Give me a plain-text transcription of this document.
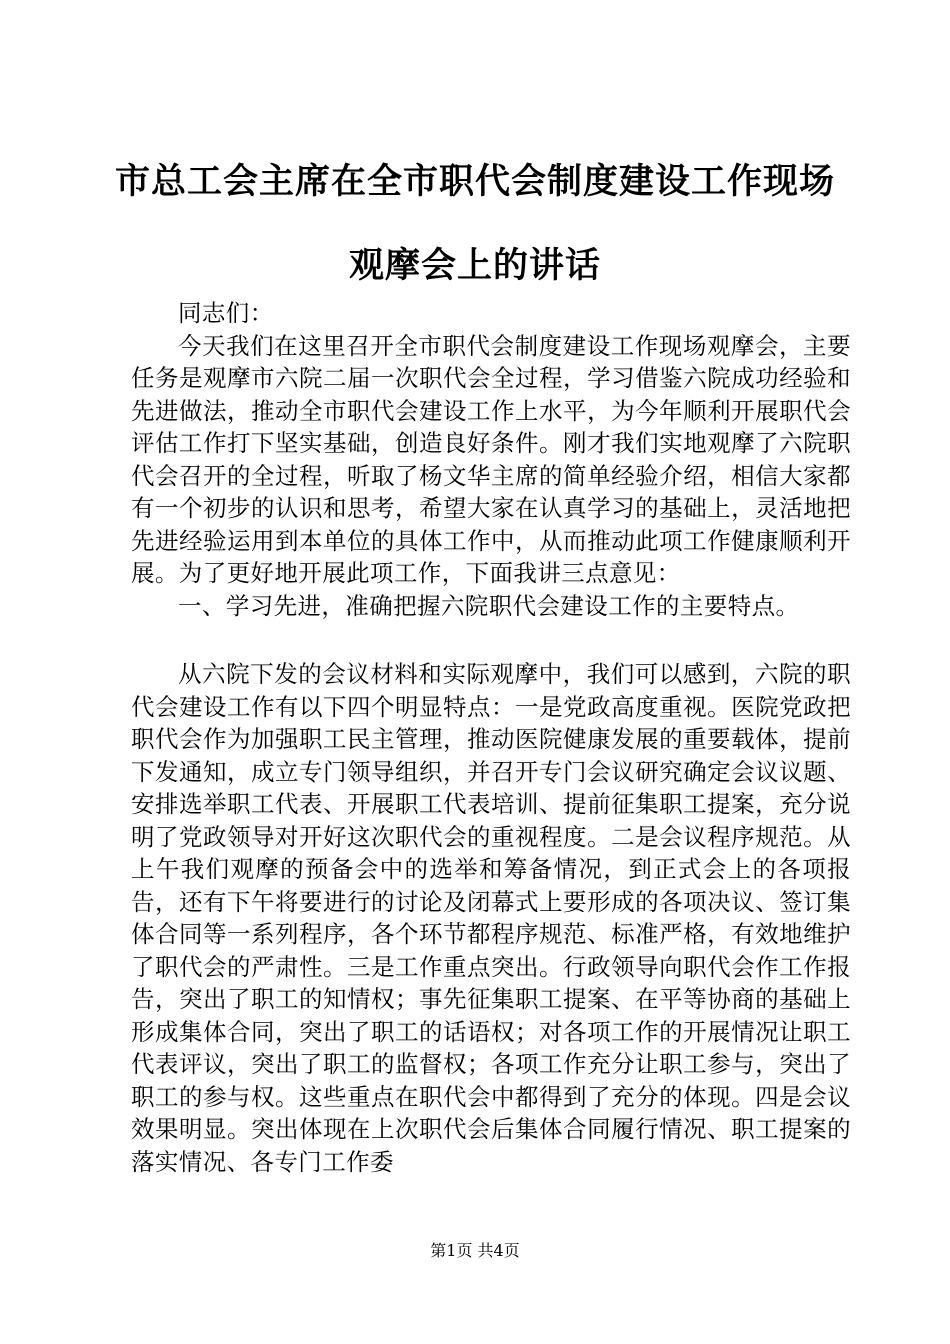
市总工会主席在全市职代会制度建设工作现场
观摩会上的讲话

同志们：

今天我们在这里召开全市职代会制度建设工作现场观摩会，主要任务是观摩市六院二届一次职代会全过程，学习借鉴六院成功经验和先进做法，推动全市职代会建设工作上水平，为今年顺利开展职代会评估工作打下坚实基础，创造良好条件。刚才我们实地观摩了六院职代会召开的全过程，听取了杨文华主席的简单经验介绍，相信大家都有一个初步的认识和思考，希望大家在认真学习的基础上，灵活地把先进经验运用到本单位的具体工作中，从而推动此项工作健康顺利开展。为了更好地开展此项工作，下面我讲三点意见：

一、学习先进，准确把握六院职代会建设工作的主要特点。

从六院下发的会议材料和实际观摩中，我们可以感到，六院的职代会建设工作有以下四个明显特点：一是党政高度重视。医院党政把职代会作为加强职工民主管理，推动医院健康发展的重要载体，提前下发通知，成立专门领导组织，并召开专门会议研究确定会议议题、安排选举职工代表、开展职工代表培训、提前征集职工提案，充分说明了党政领导对开好这次职代会的重视程度。二是会议程序规范。从上午我们观摩的预备会中的选举和筹备情况，到正式会上的各项报告，还有下午将要进行的讨论及闭幕式上要形成的各项决议、签订集体合同等一系列程序，各个环节都程序规范、标准严格，有效地维护了职代会的严肃性。三是工作重点突出。行政领导向职代会作工作报告，突出了职工的知情权；事先征集职工提案、在平等协商的基础上形成集体合同，突出了职工的话语权；对各项工作的开展情况让职工代表评议，突出了职工的监督权；各项工作充分让职工参与，突出了职工的参与权。这些重点在职代会中都得到了充分的体现。四是会议效果明显。突出体现在上次职代会后集体合同履行情况、职工提案的落实情况、各专门工作委

第1页 共4页
